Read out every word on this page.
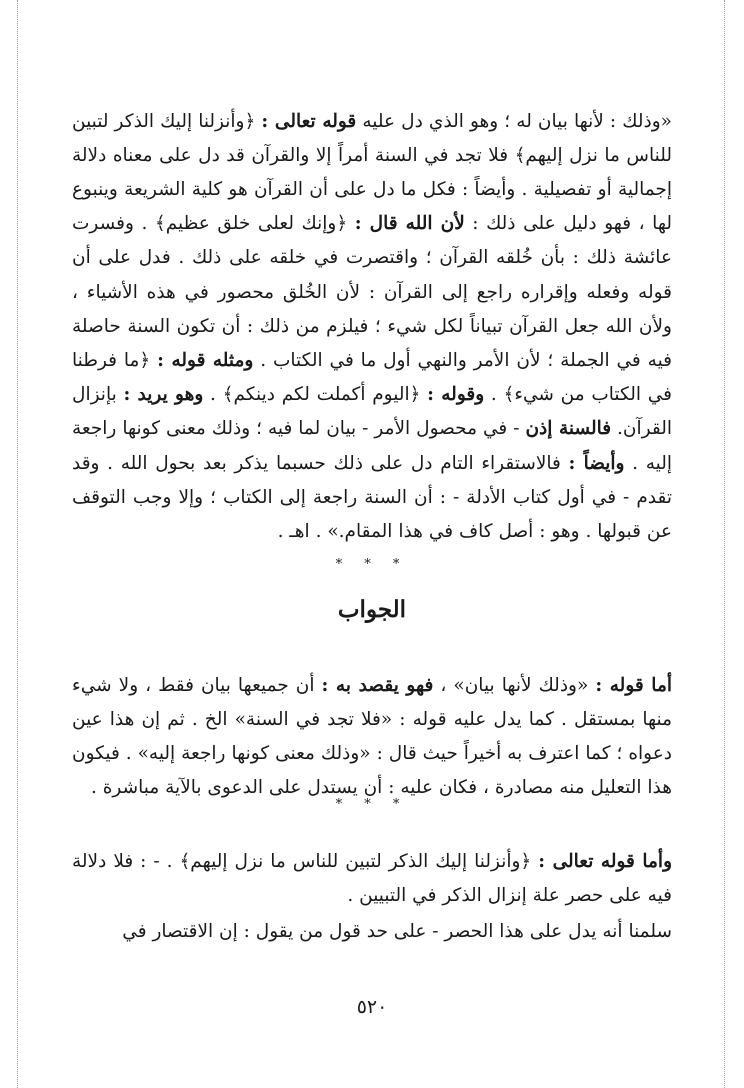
«وذلك : لأنها بيان له ؛ وهو الذي دل عليه قوله تعالى : ﴿وأنزلنا إليك الذكر لتبين للناس ما نزل إليهم﴾ فلا تجد في السنة أمراً إلا والقرآن قد دل على معناه دلالة إجمالية أو تفصيلية . وأيضاً : فكل ما دل على أن القرآن هو كلية الشريعة وينبوع لها ، فهو دليل على ذلك : لأن الله قال : ﴿وإنك لعلى خلق عظيم﴾ . وفسرت عائشة ذلك : بأن خُلقه القرآن ؛ واقتصرت في خلقه على ذلك . فدل على أن قوله وفعله وإقراره راجع إلى القرآن : لأن الخُلق محصور في هذه الأشياء ، ولأن الله جعل القرآن تبياناً لكل شيء ؛ فيلزم من ذلك : أن تكون السنة حاصلة فيه في الجملة ؛ لأن الأمر والنهي أول ما في الكتاب . ومثله قوله : ﴿ما فرطنا في الكتاب من شيء﴾ . وقوله : ﴿اليوم أكملت لكم دينكم﴾ . وهو يريد : بإنزال القرآن. فالسنة إذن - في محصول الأمر - بيان لما فيه ؛ وذلك معنى كونها راجعة إليه . وأيضاً : فالاستقراء التام دل على ذلك حسبما يذكر بعد بحول الله . وقد تقدم - في أول كتاب الأدلة - : أن السنة راجعة إلى الكتاب ؛ وإلا وجب التوقف عن قبولها . وهو : أصل كاف في هذا المقام.» . اهـ .

* * *
الجواب

أما قوله : «وذلك لأنها بيان» ، فهو يقصد به : أن جميعها بيان فقط ، ولا شيء منها بمستقل . كما يدل عليه قوله : «فلا تجد في السنة» الخ . ثم إن هذا عين دعواه ؛ كما اعترف به أخيراً حيث قال : «وذلك معنى كونها راجعة إليه» . فيكون هذا التعليل منه مصادرة ، فكان عليه : أن يستدل على الدعوى بالآية مباشرة .

* * *

وأما قوله تعالى : ﴿وأنزلنا إليك الذكر لتبين للناس ما نزل إليهم﴾ . - : فلا دلالة فيه على حصر علة إنزال الذكر في التبيين .

سلمنا أنه يدل على هذا الحصر - على حد قول من يقول : إن الاقتصار في

٥٢٠
